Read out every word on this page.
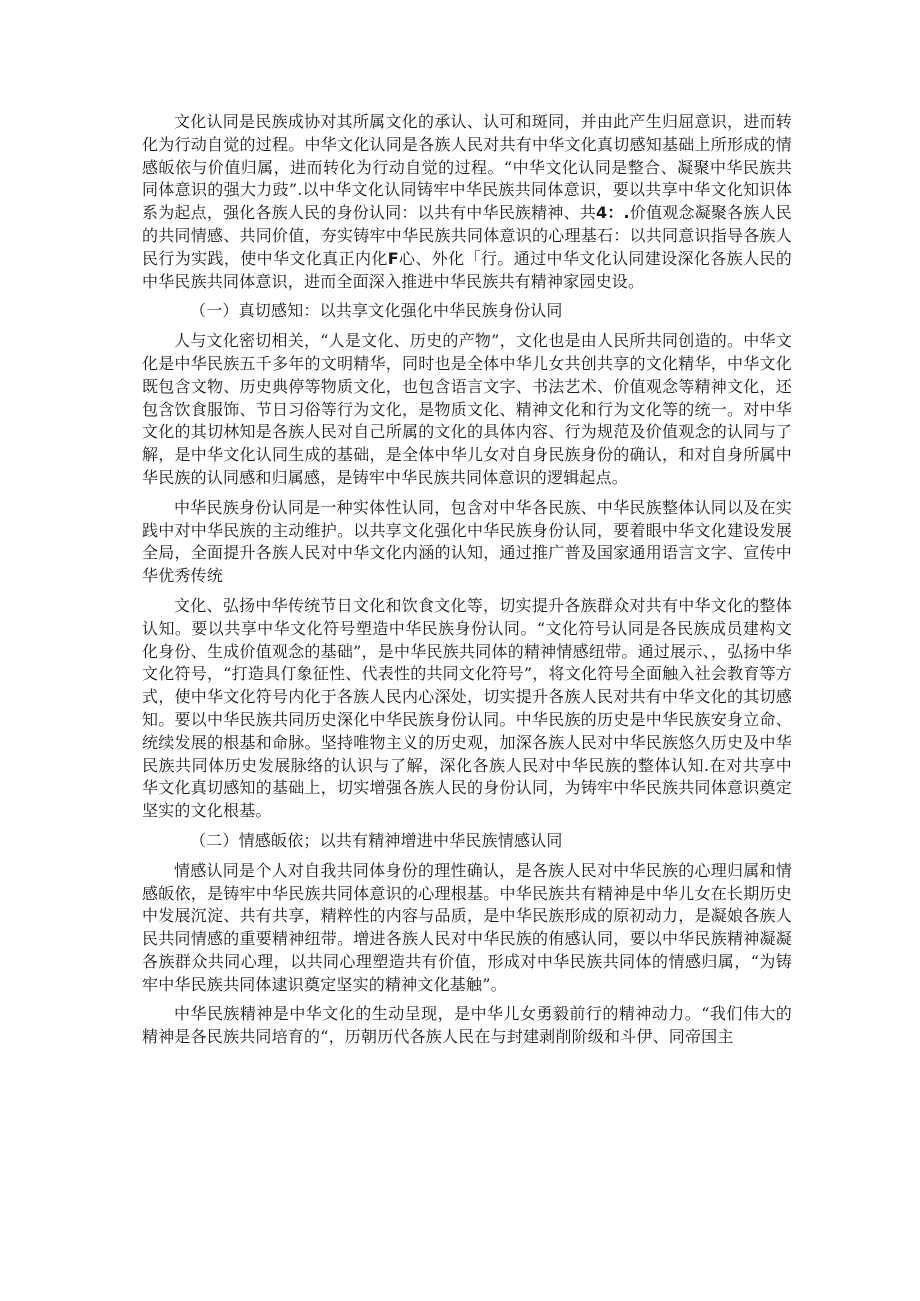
文化认同是民族成协对其所属文化的承认、认可和斑同，并由此产生归屈意识，进而转化为行动自觉的过程。中华文化认同是各族人民对共有中华文化真切感知基础上所形成的情感皈依与价值归属，进而转化为行动自觉的过程。“中华文化认同是整合、凝聚中华民族共同体意识的强大力豉”.以中华文化认同铸牢中华民族共同体意识，要以共享中华文化知识体系为起点，强化各族人民的身份认同：以共有中华民族精神、共4：.价值观念凝聚各族人民的共同情感、共同价值，夯实铸牢中华民族共同体意识的心理基石：以共同意识指导各族人民行为实践，使中华文化真正内化F心、外化「行。通过中华文化认同建设深化各族人民的中华民族共同体意识，进而全面深入推进中华民族共有精神家园史设。

（一）真切感知：以共享文化强化中华民族身份认同

人与文化密切相关，“人是文化、历史的产物”，文化也是由人民所共同创造的。中华文化是中华民族五千多年的文明精华，同时也是全体中华儿女共创共享的文化精华，中华文化既包含文物、历史典停等物质文化，也包含语言文字、书法艺术、价值观念等精神文化，还包含饮食服饰、节日习俗等行为文化，是物质文化、精神文化和行为文化等的统一。对中华文化的其切林知是各族人民对自己所属的文化的具体内容、行为规范及价值观念的认同与了解，是中华文化认同生成的基础，是全体中华儿女对自身民族身份的确认，和对自身所属中华民族的认同感和归属感，是铸牢中华民族共同体意识的逻辑起点。

中华民族身份认同是一种实体性认同，包含对中华各民族、中华民族整体认同以及在实践中对中华民族的主动维护。以共享文化强化中华民族身份认同，要着眼中华文化建设发展全局，全面提升各族人民对中华文化内涵的认知，通过推广普及国家通用语言文字、宣传中华优秀传统

文化、弘扬中华传统节日文化和饮食文化等，切实提升各族群众对共有中华文化的整体认知。要以共享中华文化符号塑造中华民族身份认同。“文化符号认同是各民族成员建构文化身份、生成价值观念的基础”，是中华民族共同体的精神情感纽带。通过展示、，弘扬中华文化符号，“打造具仃象征性、代表性的共同文化符号”，将文化符号全面触入社会教育等方式，使中华文化符号内化于各族人民内心深处，切实提升各族人民对共有中华文化的其切感知。要以中华民族共同历史深化中华民族身份认同。中华民族的历史是中华民族安身立命、统续发展的根基和命脉。坚持唯物主义的历史观，加深各族人民对中华民族悠久历史及中华民族共同体历史发展脉络的认识与了解，深化各族人民对中华民族的整体认知.在对共享中华文化真切感知的基础上，切实增强各族人民的身份认同，为铸牢中华民族共同体意识奠定坚实的文化根基。

（二）情感皈依；以共有精神增进中华民族情感认同

情感认同是个人对自我共同体身份的理性确认，是各族人民对中华民族的心理归属和情感皈依，是铸牢中华民族共同体意识的心理根基。中华民族共有精神是中华儿女在长期历史中发展沉淀、共有共享，精粹性的内容与品质，是中华民族形成的原初动力，是凝娘各族人民共同情感的重要精神纽带。增进各族人民对中华民族的侑感认同，要以中华民族精神凝凝各族群众共同心理，以共同心理塑造共有价值，形成对中华民族共同体的情感归属，“为铸牢中华民族共同体逮识奠定坚实的精神文化基触”。

中华民族精神是中华文化的生动呈现，是中华儿女勇毅前行的精神动力。“我们伟大的精神是各民族共同培育的“，历朝历代各族人民在与封建剥削阶级和斗伊、同帝国主
